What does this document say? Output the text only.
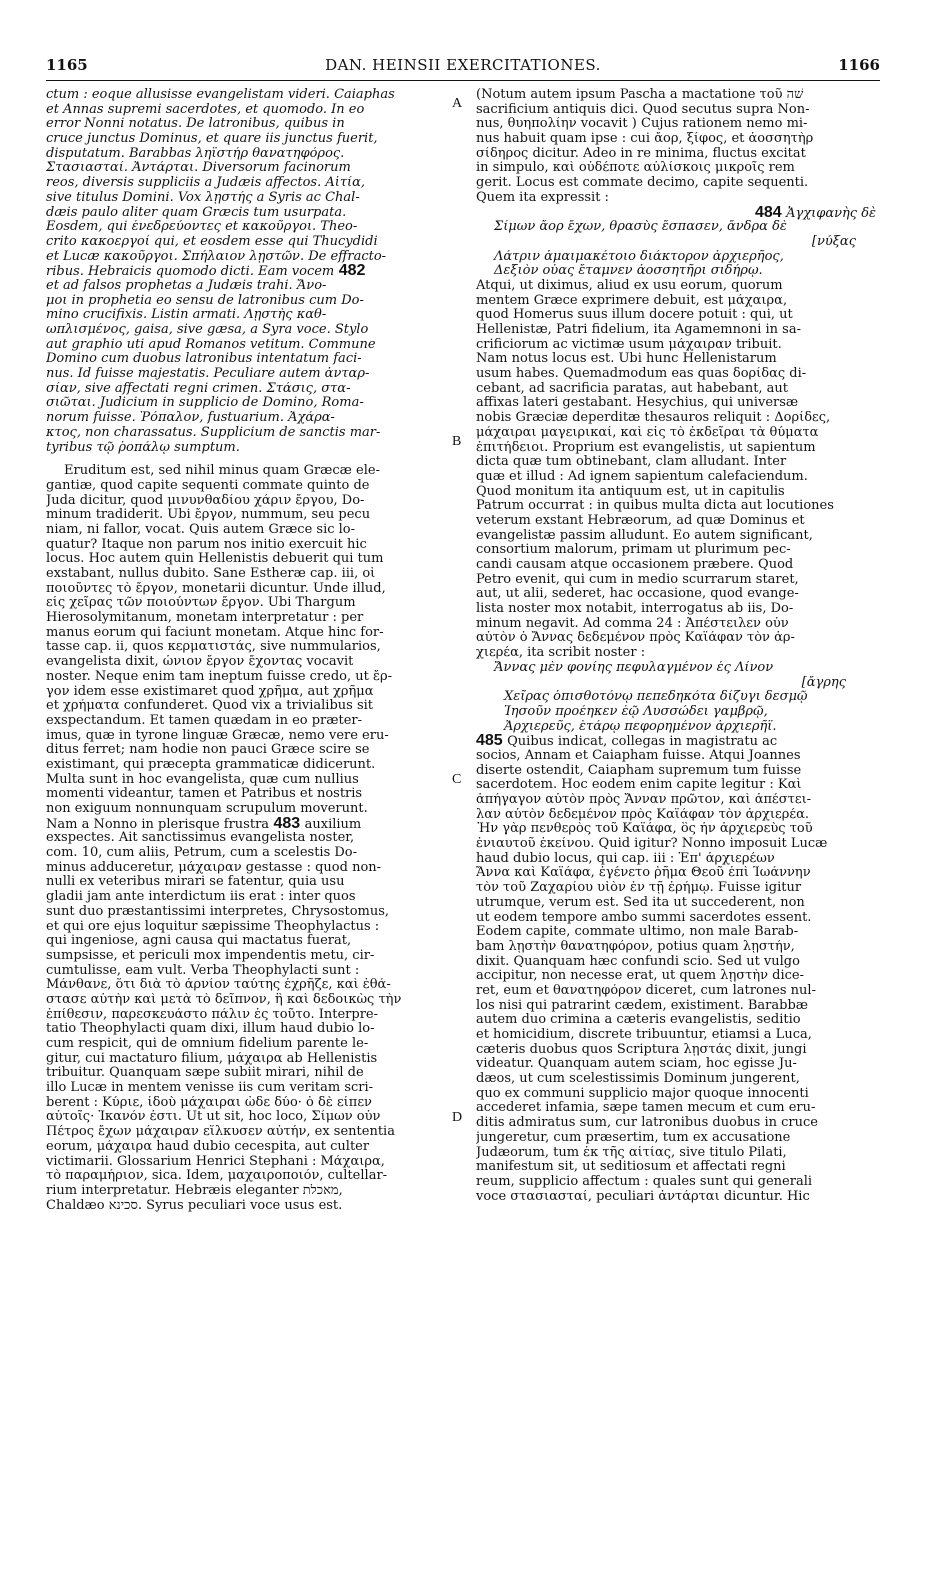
1165	DAN. HEINSII EXERCITATIONES.	1166
A
B
C
D
ctum : eoque allusisse evangelistam videri. Caiaphas
et Annas supremi sacerdotes, et quomodo. In eo
error Nonni notatus. De latronibus, quibus in
cruce junctus Dominus, et quare iis junctus fuerit,
disputatum. Barabbas ληϊστήρ θανατηφόρος.
Στασιασταί. Ἀντάρται. Diversorum facinorum
reos, diversis suppliciis a Judæis affectos. Αἰτία,
sive titulus Domini. Vox λῃστής a Syris ac Chal-
dæis paulo aliter quam Græcis tum usurpata.
Eosdem, qui ἐνεδρεύοντες et κακοῦργοι. Theo-
crito κακοεργοί qui, et eosdem esse qui Thucydidi
et Lucæ κακοῦργοι. Σπήλαιον λῃστῶν. De effracto-
ribus. Hebraicis quomodo dicti. Eam vocem 482
et ad falsos prophetas a Judæis trahi. Ἄνο-
μοι in prophetia eo sensu de latronibus cum Do-
mino crucifixis. Listin armati. Λῃστὴς καθ-
ωπλισμένος, gaisa, sive gæsa, a Syra voce. Stylo
aut graphio uti apud Romanos vetitum. Commune
Domino cum duobus latronibus intentatum faci-
nus. Id fuisse majestatis. Peculiare autem ἀνταρ-
σίαν, sive affectati regni crimen. Στάσις, στα-
σιῶται. Judicium in supplicio de Domino, Roma-
norum fuisse. Ῥόπαλον, fustuarium. Ἀχάρα-
κτος, non charassatus. Supplicium de sanctis mar-
tyribus τῷ ῥοπάλῳ sumptum.
Eruditum est, sed nihil minus quam Græcæ ele-
gantiæ, quod capite sequenti commate quinto de
Juda dicitur, quod μινυνθαδίου χάριν ἔργου, Do-
minum tradiderit. Ubi ἔργον, nummum, seu pecu
niam, ni fallor, vocat. Quis autem Græce sic lo-
quatur? Itaque non parum nos initio exercuit hic
locus. Hoc autem quin Hellenistis debuerit qui tum
exstabant, nullus dubito. Sane Estheræ cap. iii, οἱ
ποιοῦντες τὸ ἔργον, monetarii dicuntur. Unde illud,
εἰς χεῖρας τῶν ποιούντων ἔργον. Ubi Thargum
Hierosolymitanum, monetam interpretatur : per
manus eorum qui faciunt monetam. Atque hinc for-
tasse cap. ii, quos κερματιστάς, sive nummularios,
evangelista dixit, ὠνιον ἔργον ἔχοντας vocavit
noster. Neque enim tam ineptum fuisse credo, ut ἔρ-
γον idem esse existimaret quod χρῆμα, aut χρῆμα
et χρήματα confunderet. Quod vix a trivialibus sit
exspectandum. Et tamen quædam in eo præter-
imus, quæ in tyrone linguæ Græcæ, nemo vere eru-
ditus ferret; nam hodie non pauci Græce scire se
existimant, qui præcepta grammaticæ didicerunt.
Multa sunt in hoc evangelista, quæ cum nullius
momenti videantur, tamen et Patribus et nostris
non exiguum nonnunquam scrupulum moverunt.
Nam a Nonno in plerisque frustra 483 auxilium
exspectes. Ait sanctissimus evangelista noster,
com. 10, cum aliis, Petrum, cum a scelestis Do-
minus adduceretur, μάχαιραν gestasse : quod non-
nulli ex veteribus mirari se fatentur, quia usu
gladii jam ante interdictum iis erat : inter quos
sunt duo præstantissimi interpretes, Chrysostomus,
et qui ore ejus loquitur sæpissime Theophylactus :
qui ingeniose, agni causa qui mactatus fuerat,
sumpsisse, et periculi mox impendentis metu, cir-
cumtulisse, eam vult. Verba Theophylacti sunt :
Μάνθανε, ὅτι διὰ τὸ ἀρνίον ταύτης ἐχρῆζε, καὶ ἐθά-
στασε αὐτὴν καὶ μετὰ τὸ δεῖπνον, ἢ καὶ δεδοικὼς τὴν
ἐπίθεσιν, παρεσκευάστο πάλιν ἐς τοῦτο. Interpre-
tatio Theophylacti quam dixi, illum haud dubio lo-
cum respicit, qui de omnium fidelium parente le-
gitur, cui mactaturo filium, μάχαιρα ab Hellenistis
tribuitur. Quanquam sæpe subiit mirari, nihil de
illo Lucæ in mentem venisse iis cum veritam scri-
berent : Κύριε, ἰδοὺ μάχαιραι ὧδε δύο· ὁ δὲ εἶπεν
αὐτοῖς· Ἱκανόν ἐστι. Ut ut sit, hoc loco, Σίμων οὖν
Πέτρος ἔχων μάχαιραν εἵλκυσεν αὐτήν, ex sententia
eorum, μάχαιρα haud dubio cecespita, aut culter
victimarii. Glossarium Henrici Stephani : Μάχαιρα,
τὸ παραμήριον, sica. Idem, μαχαιροποιόν, cultellar-
rium interpretatur. Hebræis eleganter מאכלת,
Chaldæo סכינא. Syrus peculiari voce usus est.
(Notum autem ipsum Pascha a mactatione τοῦ שׁה
sacrificium antiquis dici. Quod secutus supra Non-
nus, θυηπολίην vocavit ) Cujus rationem nemo mi-
nus habuit quam ipse : cui ἄορ, ξίφος, et ἀοσσητὴρ
σίδηρος dicitur. Adeo in re minima, fluctus excitat
in simpulo, καὶ οὐδέποτε αὐλίσκοις μικροῖς rem
gerit. Locus est commate decimo, capite sequenti.
Quem ita expressit :
484 Ἀγχιφανὴς δὲ
Σίμων ἄορ ἔχων, θρασὺς ἔσπασεν, ἄνδρα δὲ
[νύξας
Λάτριν ἀμαιμακέτοιο διάκτορον ἀρχιερῆος,
Δεξιὸν οὖας ἔταμνεν ἀοσσητῆρι σιδήρῳ.
Atqui, ut diximus, aliud ex usu eorum, quorum
mentem Græce exprimere debuit, est μάχαιρα,
quod Homerus suus illum docere potuit : qui, ut
Hellenistæ, Patri fidelium, ita Agamemnoni in sa-
crificiorum ac victimæ usum μάχαιραν tribuit.
Nam notus locus est. Ubi hunc Hellenistarum
usum habes. Quemadmodum eas quas δορίδας di-
cebant, ad sacrificia paratas, aut habebant, aut
affixas lateri gestabant. Hesychius, qui universæ
nobis Græciæ deperditæ thesauros reliquit : Δορίδες,
μάχαιραι μαγειρικαί, καὶ εἰς τὸ ἐκδεῖραι τὰ θύματα
ἐπιτήδειοι. Proprium est evangelistis, ut sapientum
dicta quæ tum obtinebant, clam alludant. Inter
quæ et illud : Ad ignem sapientum calefaciendum.
Quod monitum ita antiquum est, ut in capitulis
Patrum occurrat : in quibus multa dicta aut locutiones
veterum exstant Hebræorum, ad quæ Dominus et
evangelistæ passim alludunt. Eo autem significant,
consortium malorum, primam ut plurimum pec-
candi causam atque occasionem præbere. Quod
Petro evenit, qui cum in medio scurrarum staret,
aut, ut alii, sederet, hac occasione, quod evange-
lista noster mox notabit, interrogatus ab iis, Do-
minum negavit. Ad comma 24 : Ἀπέστειλεν οὖν
αὐτὸν ὁ Ἄννας δεδεμένον πρὸς Καϊάφαν τὸν ἀρ-
χιερέα, ita scribit noster :
Ἄννας μὲν φονίης πεφυλαγμένον ἐς Λίνον
[ἄγρης
Χεῖρας ὀπισθοτόνῳ πεπεδηκότα δίζυγι δεσμῷ
Ἰησοῦν προέηκεν ἐῷ Λυσσώδει γαμβρῷ,
Ἀρχιερεῦς, ἑτάρῳ πεφορημένον ἀρχιερῆϊ.
485 Quibus indicat, collegas in magistratu ac
socios, Annam et Caiapham fuisse. Atqui Joannes
diserte ostendit, Caiapham supremum tum fuisse
sacerdotem. Hoc eodem enim capite legitur : Καὶ
ἀπήγαγον αὐτὸν πρὸς Ἄνναν πρῶτον, καὶ ἀπέστει-
λαν αὐτὸν δεδεμένον πρὸς Καϊάφαν τὸν ἀρχιερέα.
Ἦν γὰρ πενθερὸς τοῦ Καϊάφα, ὃς ἦν ἀρχιερεὺς τοῦ
ἐνιαυτοῦ ἐκείνου. Quid igitur? Nonno imposuit Lucæ
haud dubio locus, qui cap. iii : Ἐπ' ἀρχιερέων
Ἄννα καὶ Καϊάφα, ἐγένετο ῥῆμα Θεοῦ ἐπὶ Ἰωάννην
τὸν τοῦ Ζαχαρίου υἱὸν ἐν τῇ ἐρήμῳ. Fuisse igitur
utrumque, verum est. Sed ita ut succederent, non
ut eodem tempore ambo summi sacerdotes essent.
Eodem capite, commate ultimo, non male Barab-
bam λῃστὴν θανατηφόρον, potius quam λῃστήν,
dixit. Quanquam hæc confundi scio. Sed ut vulgo
accipitur, non necesse erat, ut quem λῃστὴν dice-
ret, eum et θανατηφόρον diceret, cum latrones nul-
los nisi qui patrarint cædem, existiment. Barabbæ
autem duo crimina a cæteris evangelistis, seditio
et homicidium, discrete tribuuntur, etiamsi a Luca,
cæteris duobus quos Scriptura λῃστάς dixit, jungi
videatur. Quanquam autem sciam, hoc egisse Ju-
dæos, ut cum scelestissimis Dominum jungerent,
quo ex communi supplicio major quoque innocenti
accederet infamia, sæpe tamen mecum et cum eru-
ditis admiratus sum, cur latronibus duobus in cruce
jungeretur, cum præsertim, tum ex accusatione
Judæorum, tum ἐκ τῆς αἰτίας, sive titulo Pilati,
manifestum sit, ut seditiosum et affectati regni
reum, supplicio affectum : quales sunt qui generali
voce στασιασταί, peculiari ἀντάρται dicuntur. Hic
